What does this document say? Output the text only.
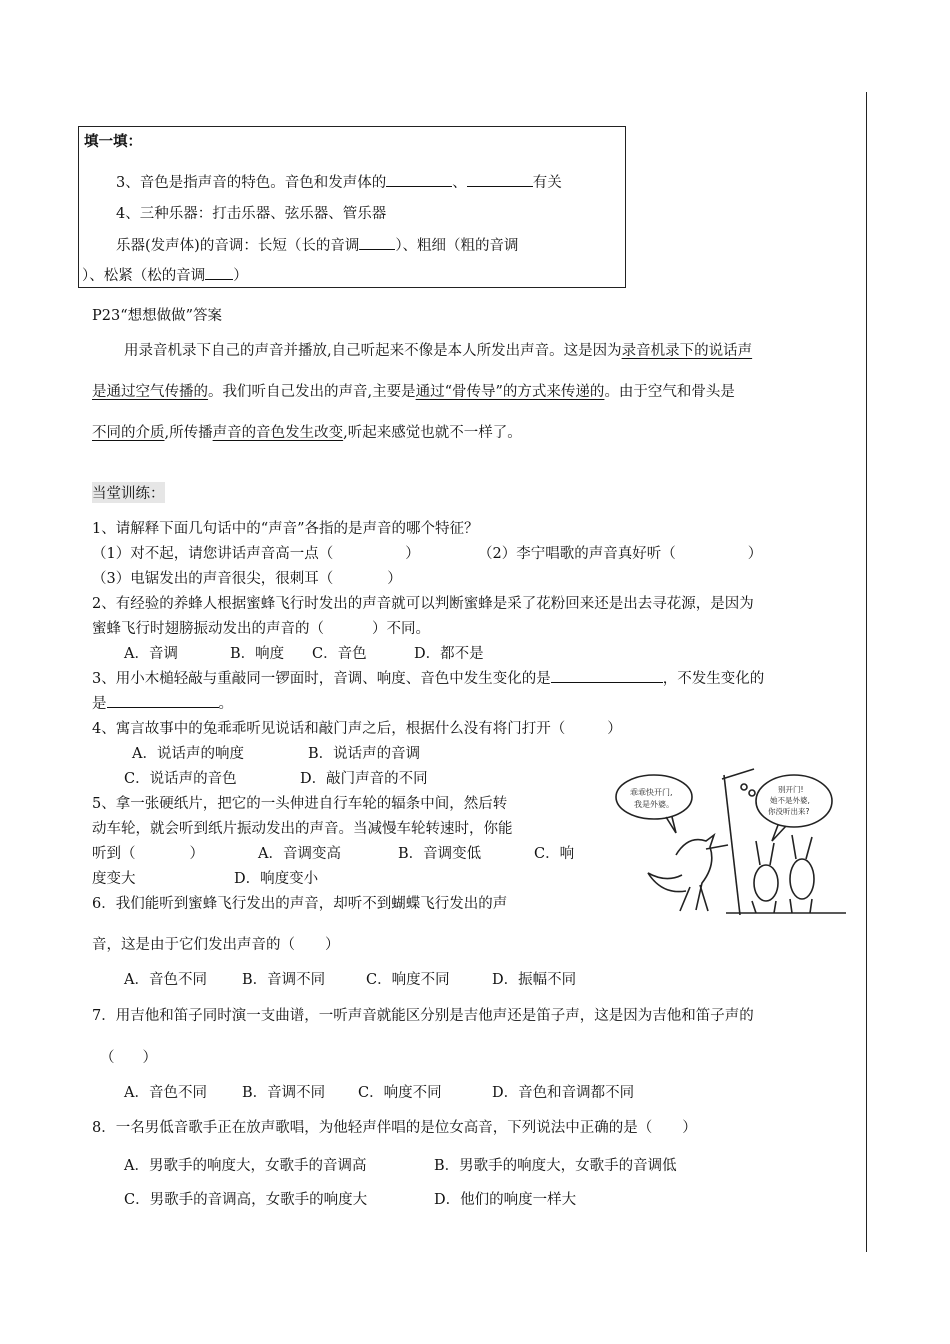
填一填：
3、音色是指声音的特色。音色和发声体的	、	有关
4、三种乐器：打击乐器、弦乐器、管乐器
乐器(发声体)的音调：长短（长的音调 ）、粗细（粗的音调
）、松紧（松的音调 ）
P23“想想做做”答案
用录音机录下自己的声音并播放,自己听起来不像是本人所发出声音。这是因为录音机录下的说话声
是通过空气传播的。我们听自己发出的声音,主要是通过“骨传导”的方式来传递的。由于空气和骨头是
不同的介质,所传播声音的音色发生改变,听起来感觉也就不一样了。
当堂训练：
1、请解释下面几句话中的“声音”各指的是声音的哪个特征？
（1）对不起，请您讲话声音高一点（	）	（2）李宁唱歌的声音真好听（	）
（3）电锯发出的声音很尖，很刺耳（	）
2、有经验的养蜂人根据蜜蜂飞行时发出的声音就可以判断蜜蜂是采了花粉回来还是出去寻花源，是因为
蜜蜂飞行时翅膀振动发出的声音的（	）不同。
A．音调	B．响度 C．音色	D．都不是
3、用小木槌轻敲与重敲同一锣面时，音调、响度、音色中发生变化的是	，不发生变化的
是	。
4、寓言故事中的兔乖乖听见说话和敲门声之后，根据什么没有将门打开（	）
A．说话声的响度	B．说话声的音调
C．说话声的音色	D．敲门声音的不同
5、拿一张硬纸片，把它的一头伸进自行车轮的辐条中间，然后转
动车轮，就会听到纸片振动发出的声音。当减慢车轮转速时，你能
听到（	）	A．音调变高	B．音调变低	C．响
度变大	D．响度变小
6．我们能听到蜜蜂飞行发出的声音，却听不到蝴蝶飞行发出的声
音，这是由于它们发出声音的（ ）
A．音色不同 B．音调不同	C．响度不同	D．振幅不同
7．用吉他和笛子同时演一支曲谱，一听声音就能区分别是吉他声还是笛子声，这是因为吉他和笛子声的
（ ）
A．音色不同 B．音调不同 C．响度不同	D．音色和音调都不同
8．一名男低音歌手正在放声歌唱，为他轻声伴唱的是位女高音，下列说法中正确的是（ ）
A．男歌手的响度大，女歌手的音调高	B．男歌手的响度大，女歌手的音调低
C．男歌手的音调高，女歌手的响度大	D．他们的响度一样大
乖乖快开门,
我是外婆。
别开门!
她不是外婆,
你没听出来?
